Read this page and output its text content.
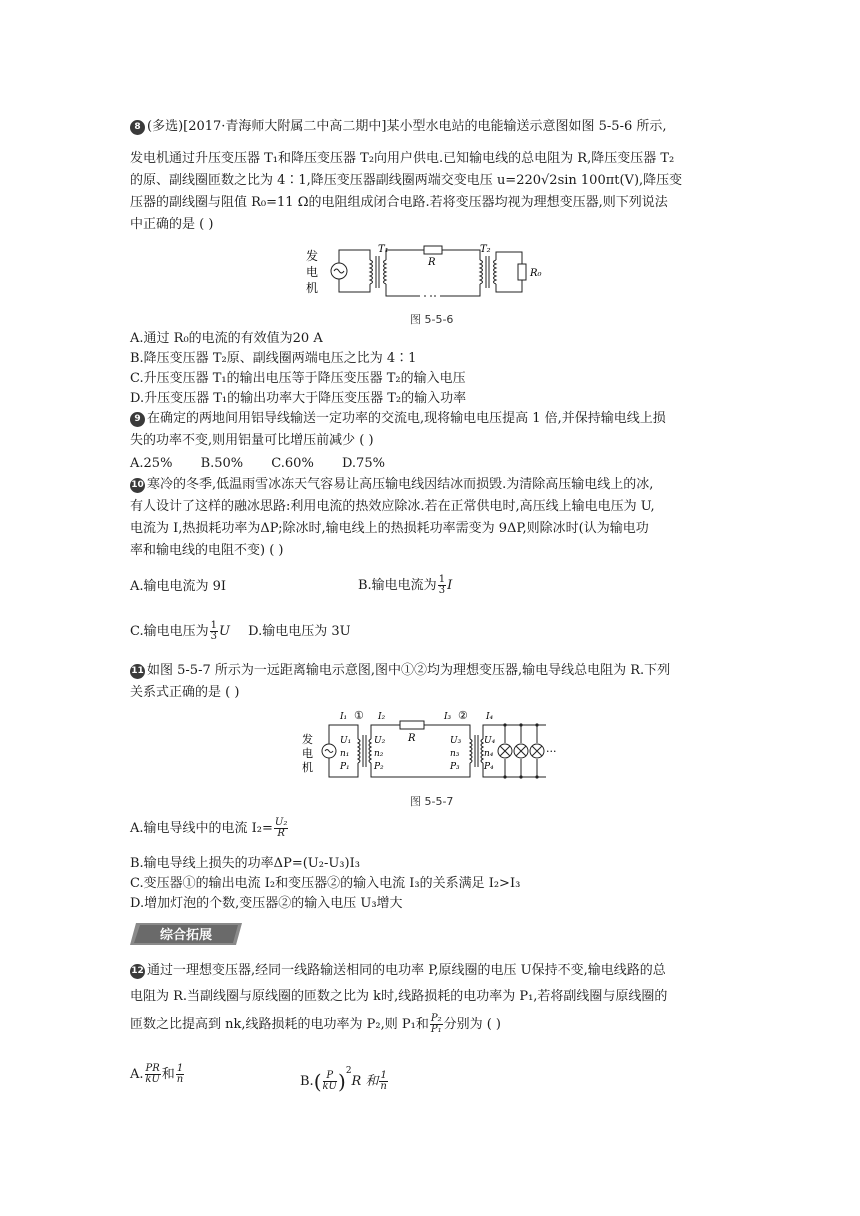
8 (多选)[2017·青海师大附属二中高二期中]某小型水电站的电能输送示意图如图 5-5-6 所示,
发电机通过升压变压器 T₁和降压变压器 T₂向用户供电.已知输电线的总电阻为 R,降压变压器 T₂
的原、副线圈匝数之比为 4∶1,降压变压器副线圈两端交变电压 u=220√2sin 100πt(V),降压变
压器的副线圈与阻值 R₀=11 Ω的电阻组成闭合电路.若将变压器均视为理想变压器,则下列说法
中正确的是 ( )
发
电
机
T₁	T₂
R
R₀
图 5-5-6
A.通过 R₀的电流的有效值为20 A
B.降压变压器 T₂原、副线圈两端电压之比为 4∶1
C.升压变压器 T₁的输出电压等于降压变压器 T₂的输入电压
D.升压变压器 T₁的输出功率大于降压变压器 T₂的输入功率
9 在确定的两地间用铝导线输送一定功率的交流电,现将输电电压提高 1 倍,并保持输电线上损
失的功率不变,则用铝量可比增压前减少 ( )
A.25% B.50% C.60% D.75%
10 寒冷的冬季,低温雨雪冰冻天气容易让高压输电线因结冰而损毁.为清除高压输电线上的冰,
有人设计了这样的融冰思路:利用电流的热效应除冰.若在正常供电时,高压线上输电电压为 U,
电流为 I,热损耗功率为ΔP;除冰时,输电线上的热损耗功率需变为 9ΔP,则除冰时(认为输电功
率和输电线的电阻不变) ( )
A.输电电流为 9I	B.输电电流为 $\frac{1}{3}$ I
C.输电电压为 $\frac{1}{3}$ U D.输电电压为 3U
11 如图 5-5-7 所示为一远距离输电示意图,图中①②均为理想变压器,输电导线总电阻为 R.下列
关系式正确的是 ( )
发
电
机
I₁ ① I₂
R
I₃ ② I₄
U₁
n₁
P₁
U₂
n₂
P₂
U₃
n₃
P₃
U₄
n₄
P₄
···
图 5-5-7
A.输电导线中的电流 $I_2= \frac{\text{U₂}}{R}$
B.输电导线上损失的功率ΔP=(U₂-U₃)I₃
C.变压器①的输出电流 I₂和变压器②的输入电流 I₃的关系满足 I₂>I₃
D.增加灯泡的个数,变压器②的输入电压 U₃增大
综合拓展
12 通过一理想变压器,经同一线路输送相同的电功率 P,原线圈的电压 U保持不变,输电线路的总
电阻为 R.当副线圈与原线圈的匝数之比为 k时,线路损耗的电功率为 P₁,若将副线圈与原线圈的
匝数之比提高到 nk,线路损耗的电功率为 P₂,则 P₁和 $\frac{\text{P₂}}{\text{P₁}}$ 分别为 ( )
A. $\frac{PR}{kU}$ 和 $\frac{1}{n}$	$B.( \frac{P}{kU} )^2R$ 和 $\frac{1}{n}$
